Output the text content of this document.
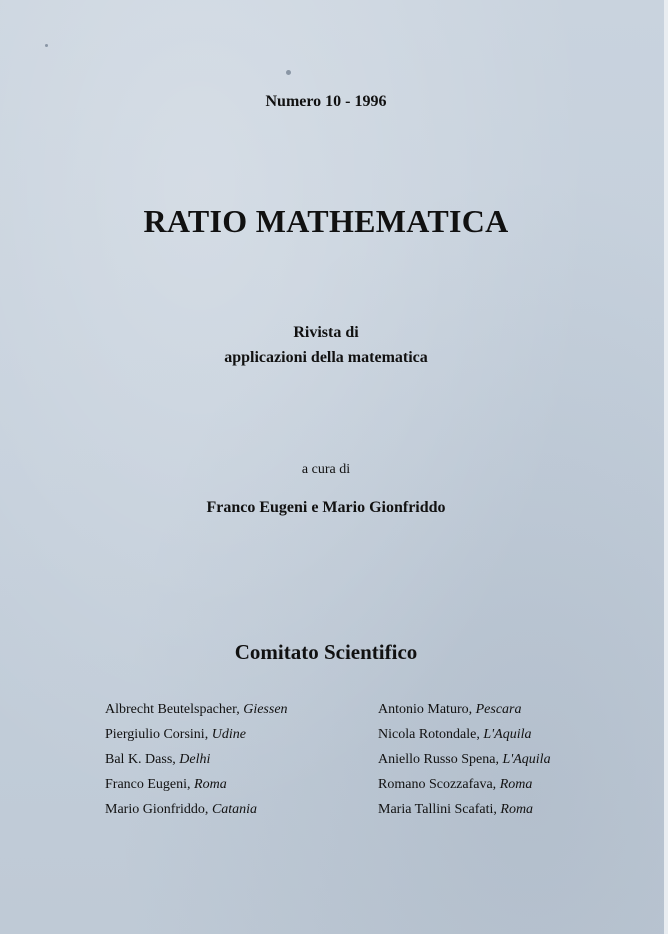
Numero 10 - 1996
RATIO MATHEMATICA
Rivista di
applicazioni della matematica
a cura di
Franco Eugeni e Mario Gionfriddo
Comitato Scientifico
Albrecht Beutelspacher, Giessen
Piergiulio Corsini, Udine
Bal K. Dass, Delhi
Franco Eugeni, Roma
Mario Gionfriddo, Catania
Antonio Maturo, Pescara
Nicola Rotondale, L'Aquila
Aniello Russo Spena, L'Aquila
Romano Scozzafava, Roma
Maria Tallini Scafati, Roma
